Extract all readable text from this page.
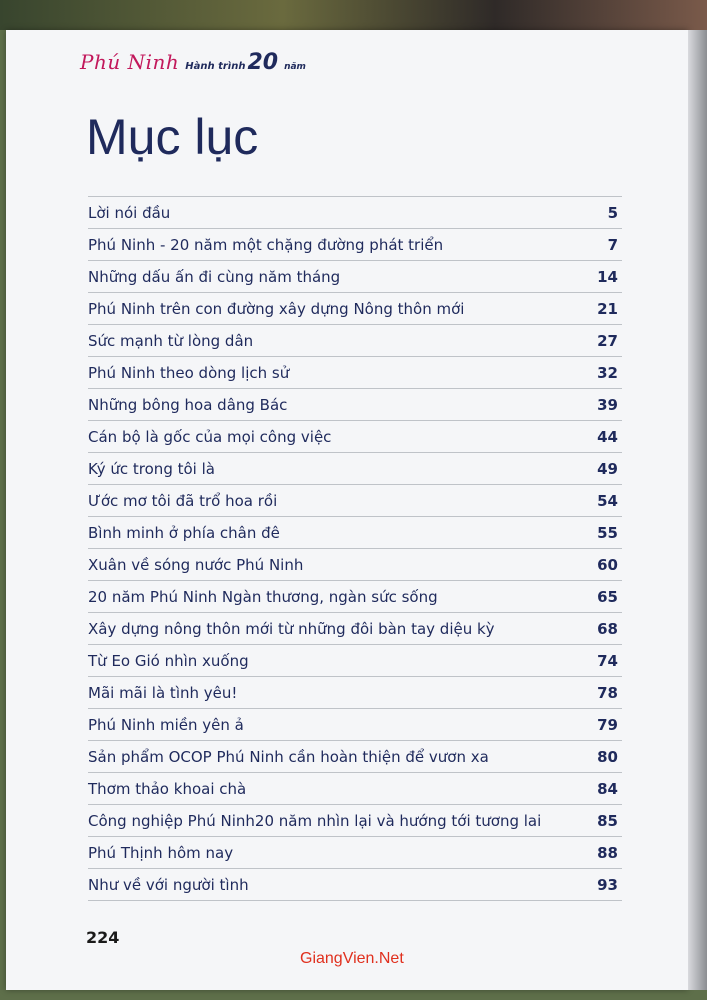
Phú Ninh Hành trình 20 năm
Mục lục
Lời nói đầu	5
Phú Ninh - 20 năm một chặng đường phát triển	7
Những dấu ấn đi cùng năm tháng	14
Phú Ninh trên con đường xây dựng Nông thôn mới	21
Sức mạnh từ lòng dân	27
Phú Ninh theo dòng lịch sử	32
Những bông hoa dâng Bác	39
Cán bộ là gốc của mọi công việc	44
Ký ức trong tôi là	49
Ước mơ tôi đã trổ hoa rồi	54
Bình minh ở phía chân đê	55
Xuân về sóng nước Phú Ninh	60
20 năm Phú Ninh Ngàn thương, ngàn sức sống	65
Xây dựng nông thôn mới từ những đôi bàn tay diệu kỳ	68
Từ Eo Gió nhìn xuống	74
Mãi mãi là tình yêu!	78
Phú Ninh miền yên ả	79
Sản phẩm OCOP Phú Ninh cần hoàn thiện để vươn xa	80
Thơm thảo khoai chà	84
Công nghiệp Phú Ninh20 năm nhìn lại và hướng tới tương lai	85
Phú Thịnh hôm nay	88
Như về với người tình	93
224
GiangVien.Net
